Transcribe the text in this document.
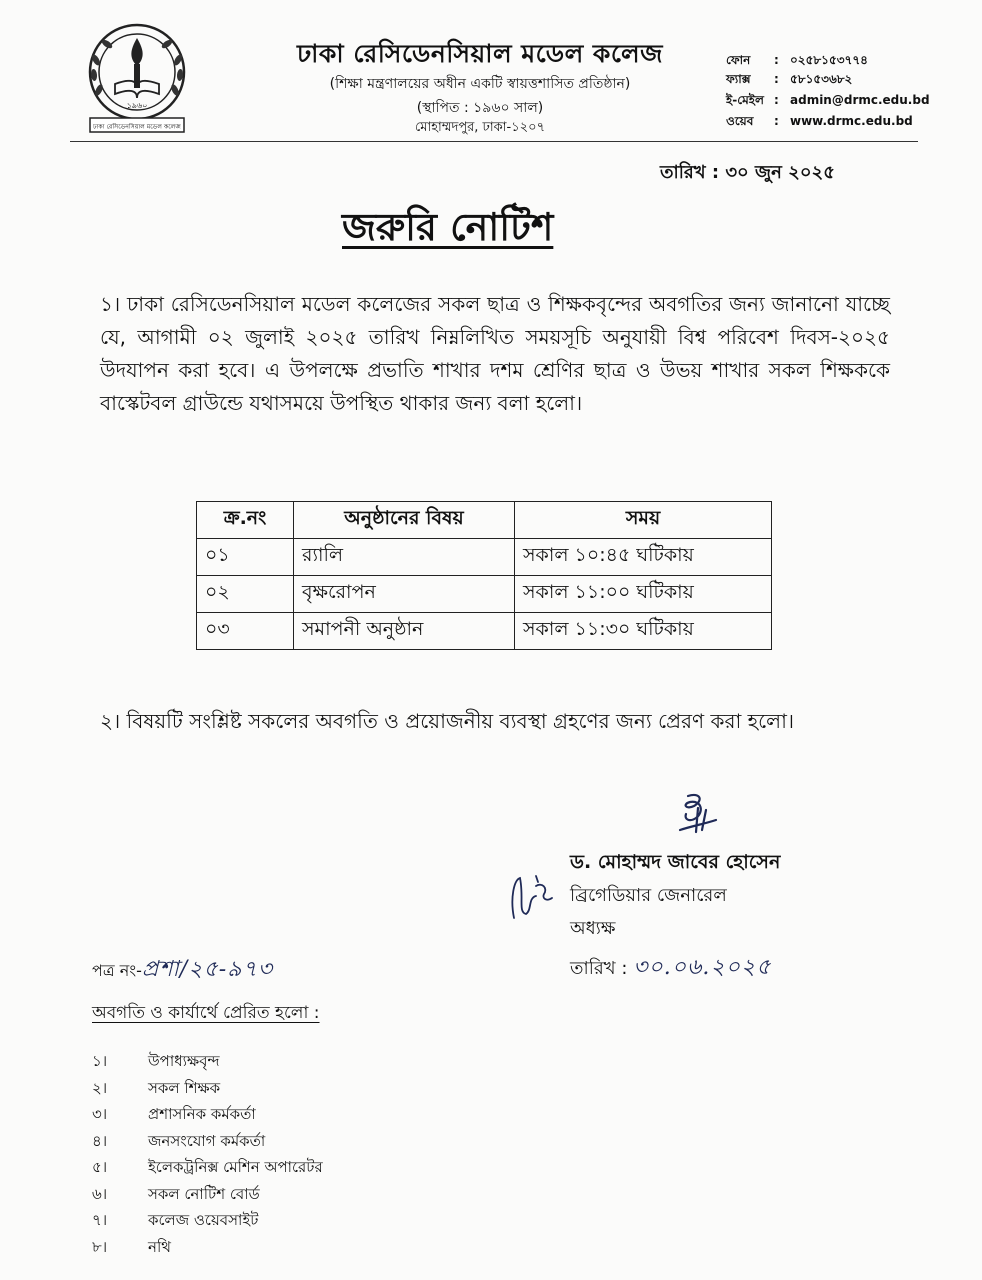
১৯৬০
ঢাকা রেসিডেনসিয়াল মডেল কলেজ
ঢাকা রেসিডেনসিয়াল মডেল কলেজ
(শিক্ষা মন্ত্রণালয়ের অধীন একটি স্বায়ত্তশাসিত প্রতিষ্ঠান)
(স্থাপিত : ১৯৬০ সাল)
মোহাম্মদপুর, ঢাকা-১২০৭
ফোন : ০২৫৮১৫৩৭৭৪
ফ্যাক্স : ৫৮১৫৩৬৮২
ই-মেইল : admin@drmc.edu.bd
ওয়েব : www.drmc.edu.bd
তারিখ : ৩০ জুন ২০২৫
জরুরি নোটিশ
১। ঢাকা রেসিডেনসিয়াল মডেল কলেজের সকল ছাত্র ও শিক্ষকবৃন্দের অবগতির জন্য জানানো যাচ্ছে যে, আগামী ০২ জুলাই ২০২৫ তারিখ নিম্নলিখিত সময়সূচি অনুযায়ী বিশ্ব পরিবেশ দিবস-২০২৫ উদযাপন করা হবে। এ উপলক্ষে প্রভাতি শাখার দশম শ্রেণির ছাত্র ও উভয় শাখার সকল শিক্ষককে বাস্কেটবল গ্রাউন্ডে যথাসময়ে উপস্থিত থাকার জন্য বলা হলো।
ক্র.নং	অনুষ্ঠানের বিষয়	সময়
০১	র‍্যালি	সকাল ১০:৪৫ ঘটিকায়
০২	বৃক্ষরোপন	সকাল ১১:০০ ঘটিকায়
০৩	সমাপনী অনুষ্ঠান	সকাল ১১:৩০ ঘটিকায়
২। বিষয়টি সংশ্লিষ্ট সকলের অবগতি ও প্রয়োজনীয় ব্যবস্থা গ্রহণের জন্য প্রেরণ করা হলো।
ড. মোহাম্মদ জাবের হোসেন
ব্রিগেডিয়ার জেনারেল
অধ্যক্ষ
তারিখ : ৩০.০৬.২০২৫
পত্র নং-প্রশা/২৫-৯৭৩
অবগতি ও কার্যার্থে প্রেরিত হলো :
১।	উপাধ্যক্ষবৃন্দ
২।	সকল শিক্ষক
৩।	প্রশাসনিক কর্মকর্তা
৪।	জনসংযোগ কর্মকর্তা
৫।	ইলেকট্রনিক্স মেশিন অপারেটর
৬।	সকল নোটিশ বোর্ড
৭।	কলেজ ওয়েবসাইট
৮।	নথি
